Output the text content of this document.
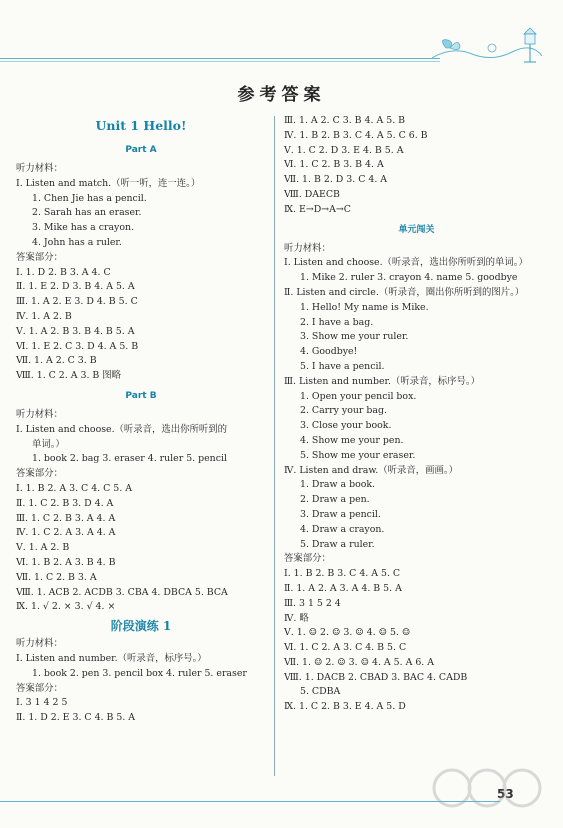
参考答案
Unit 1 Hello!
Part A
听力材料：
Ⅰ. Listen and match.（听一听，连一连。）
1. Chen Jie has a pencil.
2. Sarah has an eraser.
3. Mike has a crayon.
4. John has a ruler.
答案部分：
Ⅰ. 1. D 2. B 3. A 4. C
Ⅱ. 1. E 2. D 3. B 4. A 5. A
Ⅲ. 1. A 2. E 3. D 4. B 5. C
Ⅳ. 1. A 2. B
Ⅴ. 1. A 2. B 3. B 4. B 5. A
Ⅵ. 1. E 2. C 3. D 4. A 5. B
Ⅶ. 1. A 2. C 3. B
Ⅷ. 1. C 2. A 3. B 图略
Part B
听力材料：
Ⅰ. Listen and choose.（听录音，选出你所听到的
单词。）
1. book 2. bag 3. eraser 4. ruler 5. pencil
答案部分：
Ⅰ. 1. B 2. A 3. C 4. C 5. A
Ⅱ. 1. C 2. B 3. D 4. A
Ⅲ. 1. C 2. B 3. A 4. A
Ⅳ. 1. C 2. A 3. A 4. A
Ⅴ. 1. A 2. B
Ⅵ. 1. B 2. A 3. B 4. B
Ⅶ. 1. C 2. B 3. A
Ⅷ. 1. ACB 2. ACDB 3. CBA 4. DBCA 5. BCA
Ⅸ. 1. √ 2. × 3. √ 4. ×
阶段演练 1
听力材料：
Ⅰ. Listen and number.（听录音，标序号。）
1. book 2. pen 3. pencil box 4. ruler 5. eraser
答案部分：
Ⅰ. 3 1 4 2 5
Ⅱ. 1. D 2. E 3. C 4. B 5. A
Ⅲ. 1. A 2. C 3. B 4. A 5. B
Ⅳ. 1. B 2. B 3. C 4. A 5. C 6. B
Ⅴ. 1. C 2. D 3. E 4. B 5. A
Ⅵ. 1. C 2. B 3. B 4. A
Ⅶ. 1. B 2. D 3. C 4. A
Ⅷ. DAECB
Ⅸ. E→D→A→C
单元闯关
听力材料：
Ⅰ. Listen and choose.（听录音，选出你所听到的单词。）
1. Mike 2. ruler 3. crayon 4. name 5. goodbye
Ⅱ. Listen and circle.（听录音，圈出你所听到的图片。）
1. Hello! My name is Mike.
2. I have a bag.
3. Show me your ruler.
4. Goodbye!
5. I have a pencil.
Ⅲ. Listen and number.（听录音，标序号。）
1. Open your pencil box.
2. Carry your bag.
3. Close your book.
4. Show me your pen.
5. Show me your eraser.
Ⅳ. Listen and draw.（听录音，画画。）
1. Draw a book.
2. Draw a pen.
3. Draw a pencil.
4. Draw a crayon.
5. Draw a ruler.
答案部分：
Ⅰ. 1. B 2. B 3. C 4. A 5. C
Ⅱ. 1. A 2. A 3. A 4. B 5. A
Ⅲ. 3 1 5 2 4
Ⅳ. 略
Ⅴ. 1. ☺ 2. ☺ 3. ☺ 4. ☺ 5. ☺
Ⅵ. 1. C 2. A 3. C 4. B 5. C
Ⅶ. 1. ☺ 2. ☺ 3. ☺ 4. A 5. A 6. A
Ⅷ. 1. DACB 2. CBAD 3. BAC 4. CADB
5. CDBA
Ⅸ. 1. C 2. B 3. E 4. A 5. D
53
